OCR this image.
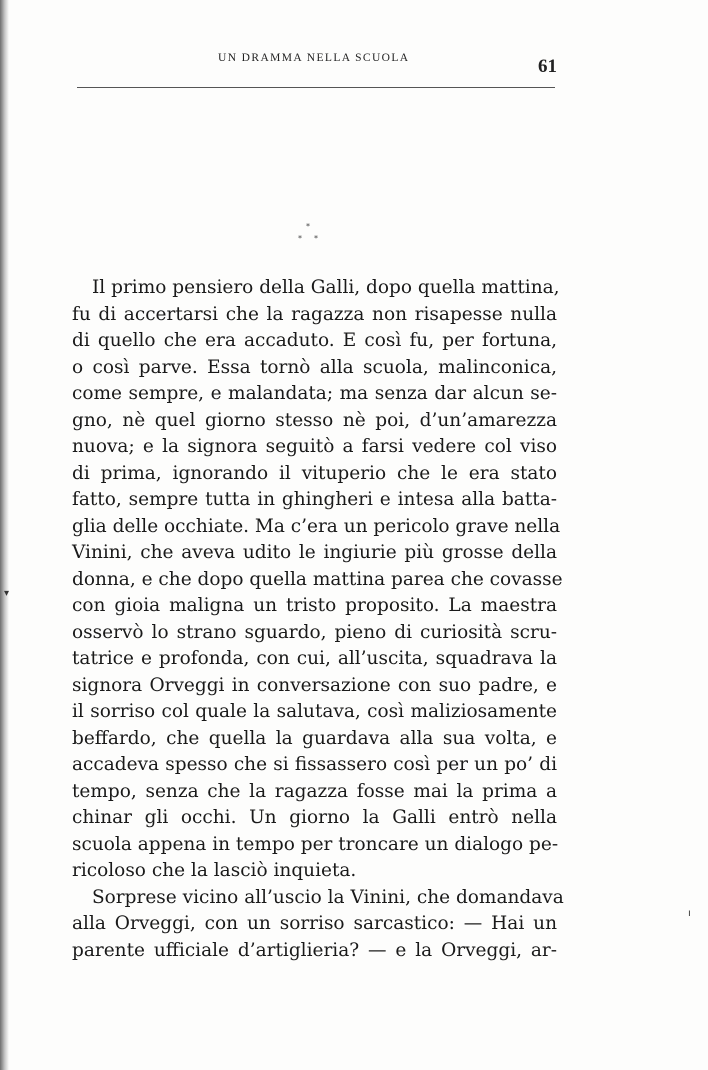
UN DRAMMA NELLA SCUOLA	61
*
* *
Il primo pensiero della Galli, dopo quella mattina,
fu di accertarsi che la ragazza non risapesse nulla
di quello che era accaduto. E così fu, per fortuna,
o così parve. Essa tornò alla scuola, malinconica,
come sempre, e malandata; ma senza dar alcun se-
gno, nè quel giorno stesso nè poi, d’un’amarezza
nuova; e la signora seguitò a farsi vedere col viso
di prima, ignorando il vituperio che le era stato
fatto, sempre tutta in ghingheri e intesa alla batta-
glia delle occhiate. Ma c’era un pericolo grave nella
Vinini, che aveva udito le ingiurie più grosse della
donna, e che dopo quella mattina parea che covasse
con gioia maligna un tristo proposito. La maestra
osservò lo strano sguardo, pieno di curiosità scru-
tatrice e profonda, con cui, all’uscita, squadrava la
signora Orveggi in conversazione con suo padre, e
il sorriso col quale la salutava, così maliziosamente
beffardo, che quella la guardava alla sua volta, e
accadeva spesso che si fissassero così per un po’ di
tempo, senza che la ragazza fosse mai la prima a
chinar gli occhi. Un giorno la Galli entrò nella
scuola appena in tempo per troncare un dialogo pe-
ricoloso che la lasciò inquieta.
Sorprese vicino all’uscio la Vinini, che domandava
alla Orveggi, con un sorriso sarcastico: — Hai un
parente ufficiale d’artiglieria? — e la Orveggi, ar-
▾
ı
